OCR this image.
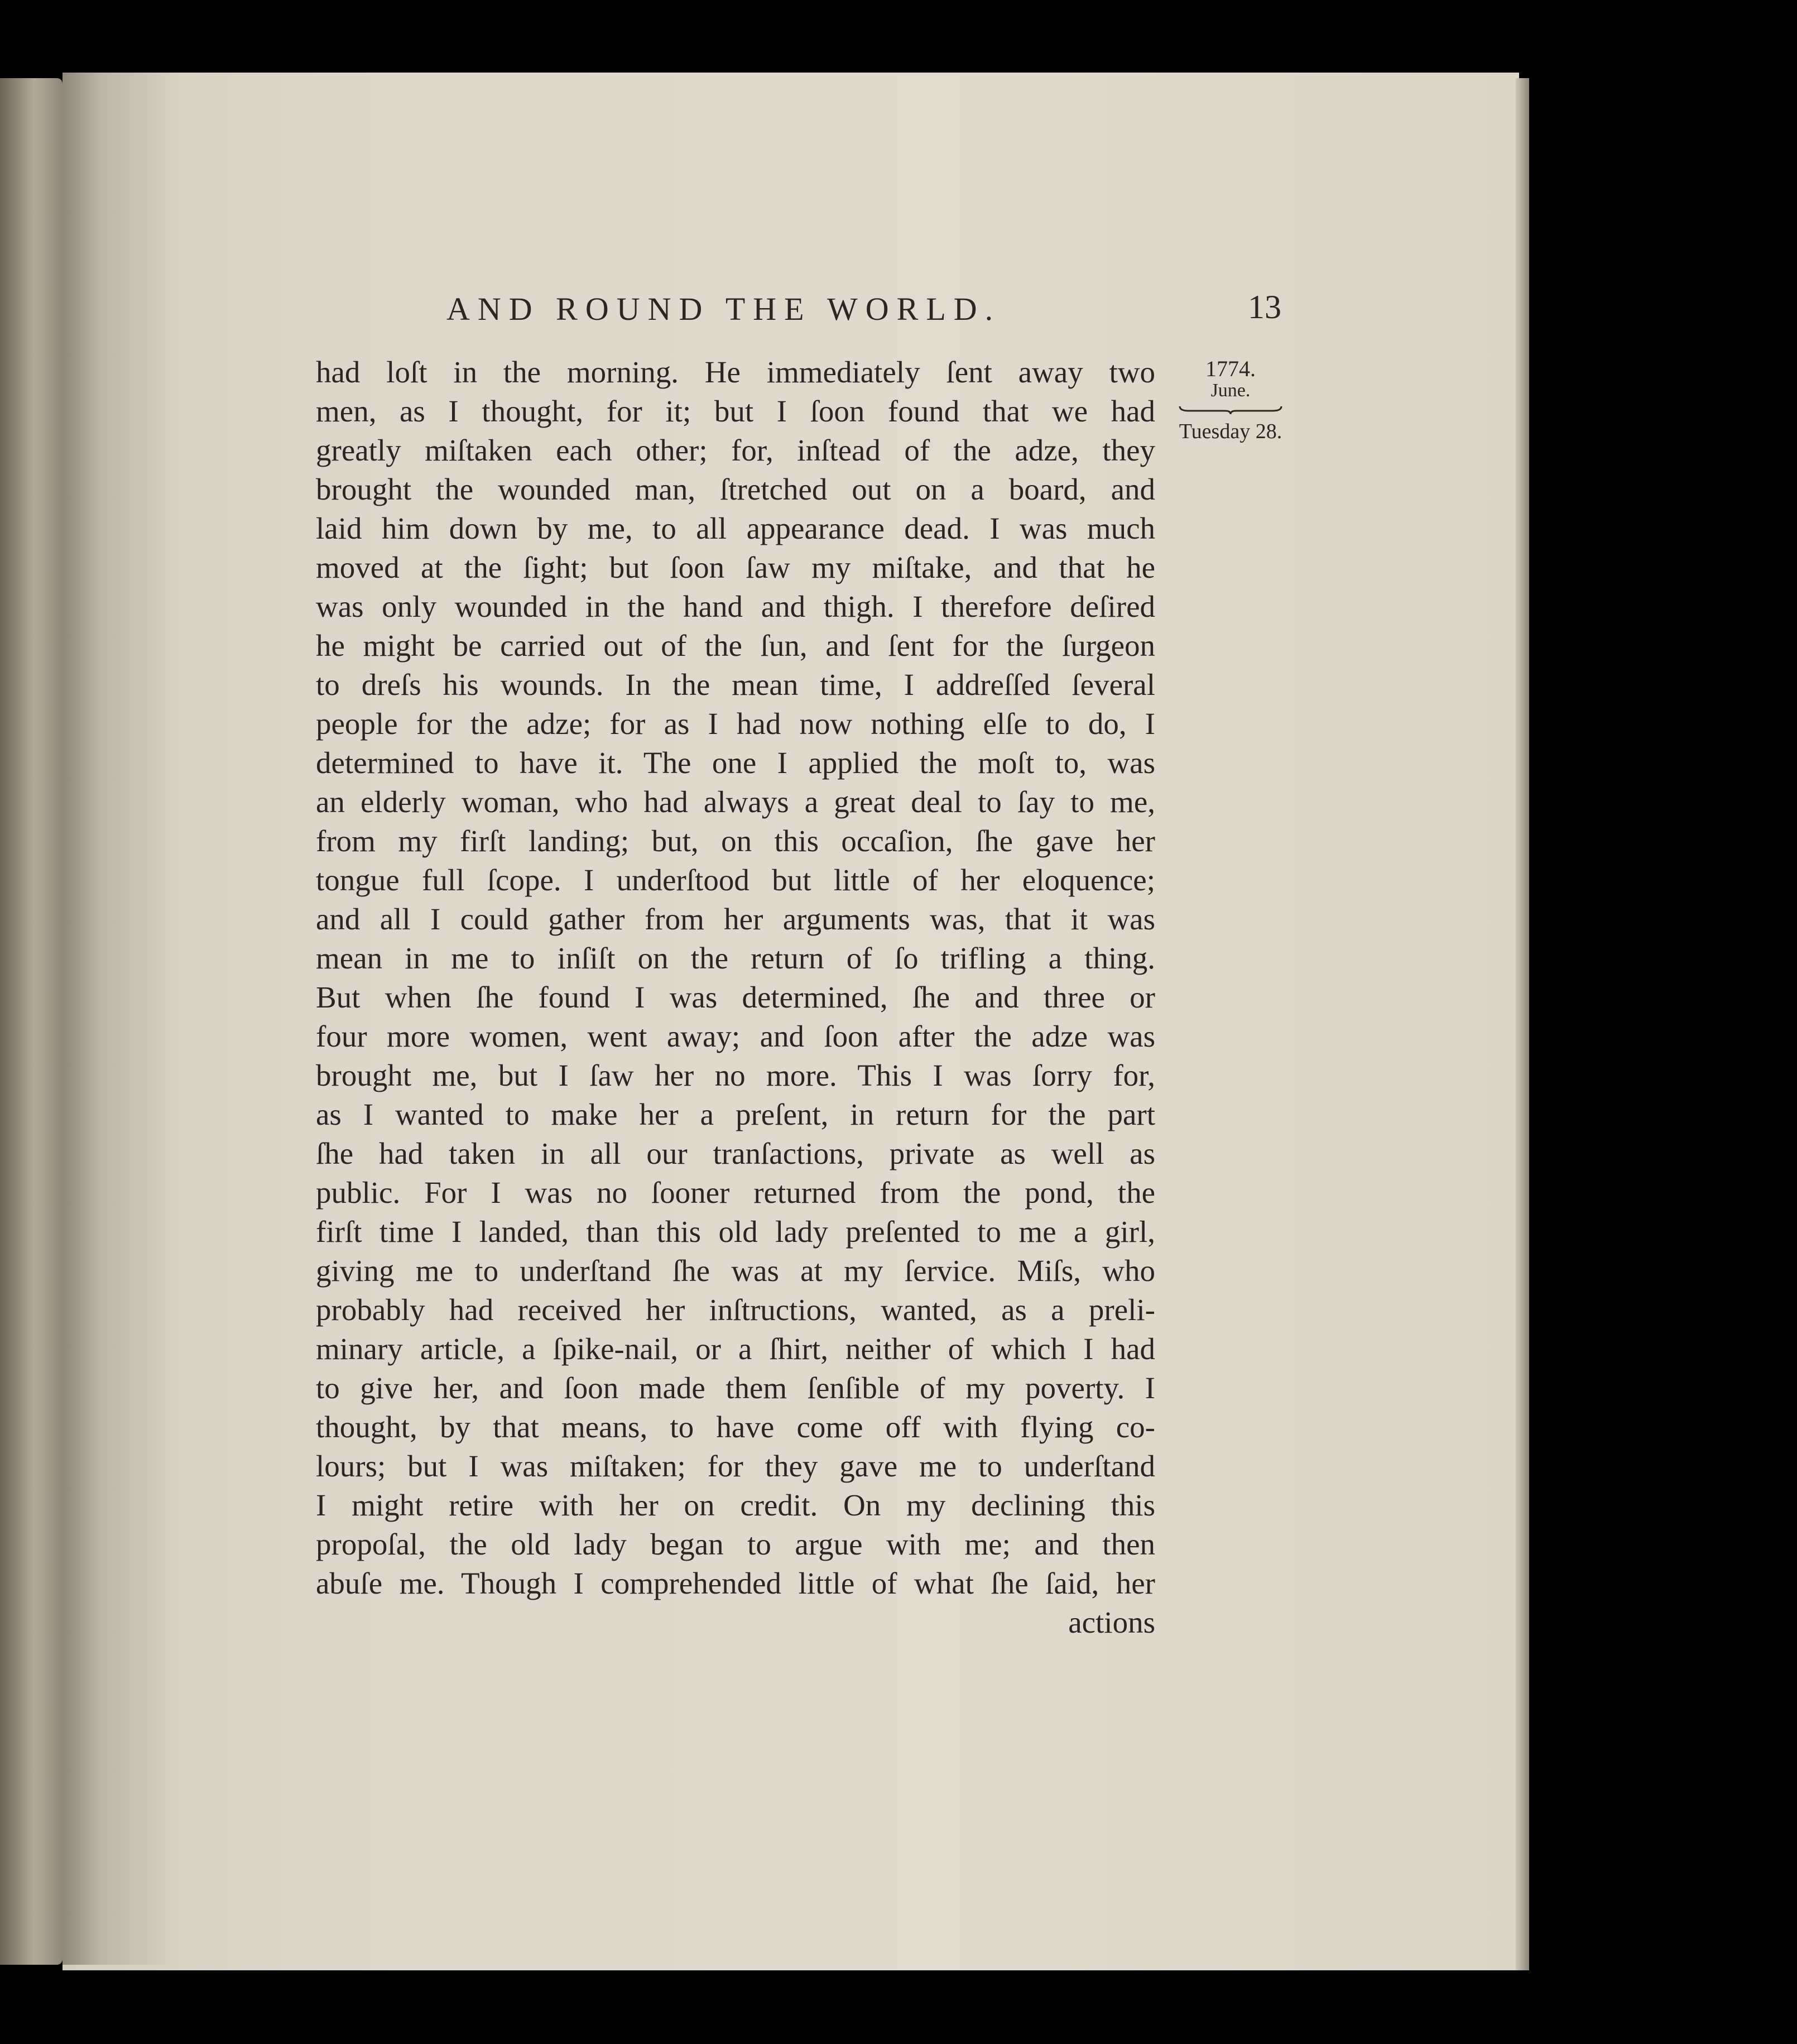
AND ROUND THE WORLD.	13
1774.
June.
Tuesday 28.
had loſt in the morning. He immediately ſent away two
men, as I thought, for it; but I ſoon found that we had
greatly miſtaken each other; for, inſtead of the adze, they
brought the wounded man, ſtretched out on a board, and
laid him down by me, to all appearance dead. I was much
moved at the ſight; but ſoon ſaw my miſtake, and that he
was only wounded in the hand and thigh. I therefore deſired
he might be carried out of the ſun, and ſent for the ſurgeon
to dreſs his wounds. In the mean time, I addreſſed ſeveral
people for the adze; for as I had now nothing elſe to do, I
determined to have it. The one I applied the moſt to, was
an elderly woman, who had always a great deal to ſay to me,
from my firſt landing; but, on this occaſion, ſhe gave her
tongue full ſcope. I underſtood but little of her eloquence;
and all I could gather from her arguments was, that it was
mean in me to inſiſt on the return of ſo trifling a thing.
But when ſhe found I was determined, ſhe and three or
four more women, went away; and ſoon after the adze was
brought me, but I ſaw her no more. This I was ſorry for,
as I wanted to make her a preſent, in return for the part
ſhe had taken in all our tranſactions, private as well as
public. For I was no ſooner returned from the pond, the
firſt time I landed, than this old lady preſented to me a girl,
giving me to underſtand ſhe was at my ſervice. Miſs, who
probably had received her inſtructions, wanted, as a preli-
minary article, a ſpike-nail, or a ſhirt, neither of which I had
to give her, and ſoon made them ſenſible of my poverty. I
thought, by that means, to have come off with flying co-
lours; but I was miſtaken; for they gave me to underſtand
I might retire with her on credit. On my declining this
propoſal, the old lady began to argue with me; and then
abuſe me. Though I comprehended little of what ſhe ſaid, her
actions
